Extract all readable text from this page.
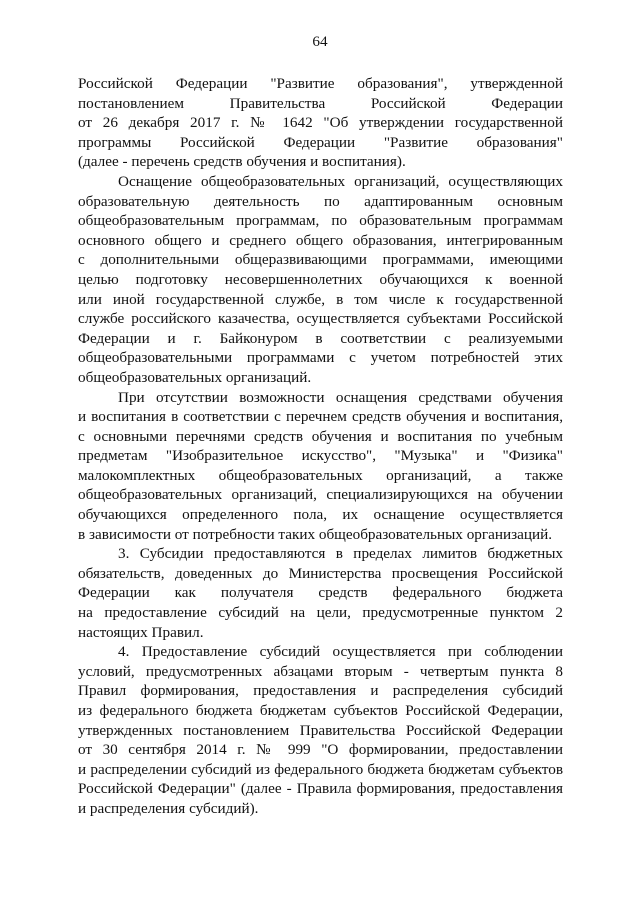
64
Российской Федерации "Развитие образования", утвержденной
постановлением Правительства Российской Федерации
от 26 декабря 2017 г. № 1642 "Об утверждении государственной
программы Российской Федерации "Развитие образования"
(далее - перечень средств обучения и воспитания).
Оснащение общеобразовательных организаций, осуществляющих
образовательную деятельность по адаптированным основным
общеобразовательным программам, по образовательным программам
основного общего и среднего общего образования, интегрированным
с дополнительными общеразвивающими программами, имеющими
целью подготовку несовершеннолетних обучающихся к военной
или иной государственной службе, в том числе к государственной
службе российского казачества, осуществляется субъектами Российской
Федерации и г. Байконуром в соответствии с реализуемыми
общеобразовательными программами с учетом потребностей этих
общеобразовательных организаций.
При отсутствии возможности оснащения средствами обучения
и воспитания в соответствии с перечнем средств обучения и воспитания,
с основными перечнями средств обучения и воспитания по учебным
предметам "Изобразительное искусство", "Музыка" и "Физика"
малокомплектных общеобразовательных организаций, а также
общеобразовательных организаций, специализирующихся на обучении
обучающихся определенного пола, их оснащение осуществляется
в зависимости от потребности таких общеобразовательных организаций.
3. Субсидии предоставляются в пределах лимитов бюджетных
обязательств, доведенных до Министерства просвещения Российской
Федерации как получателя средств федерального бюджета
на предоставление субсидий на цели, предусмотренные пунктом 2
настоящих Правил.
4. Предоставление субсидий осуществляется при соблюдении
условий, предусмотренных абзацами вторым - четвертым пункта 8
Правил формирования, предоставления и распределения субсидий
из федерального бюджета бюджетам субъектов Российской Федерации,
утвержденных постановлением Правительства Российской Федерации
от 30 сентября 2014 г. № 999 "О формировании, предоставлении
и распределении субсидий из федерального бюджета бюджетам субъектов
Российской Федерации" (далее - Правила формирования, предоставления
и распределения субсидий).
